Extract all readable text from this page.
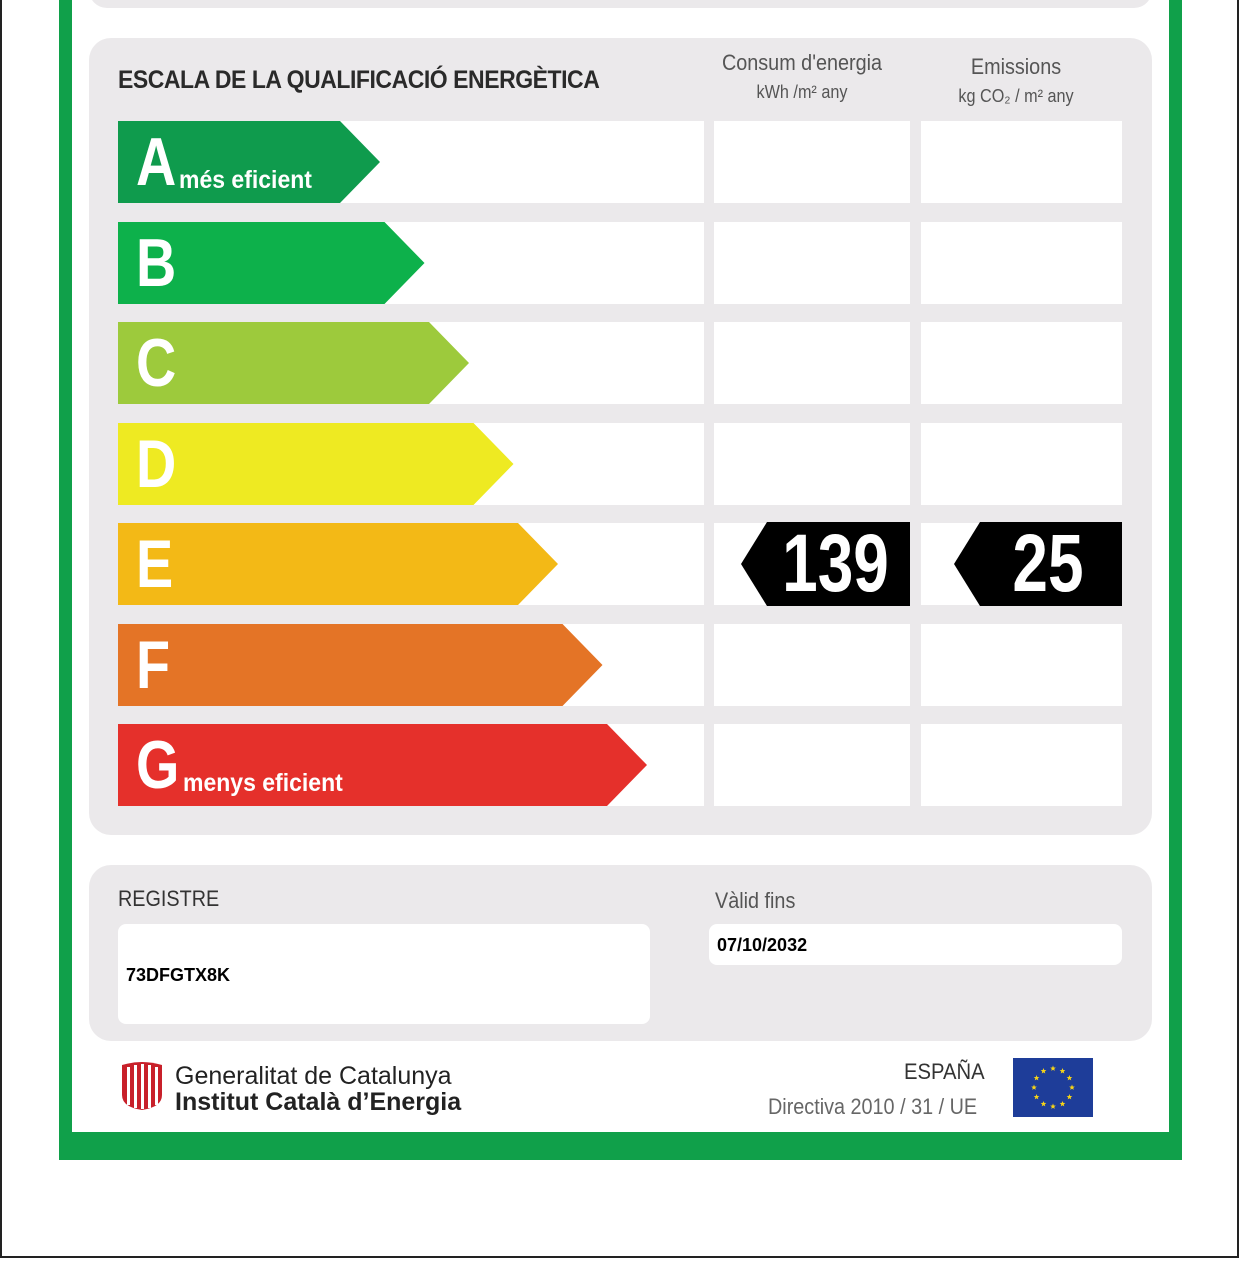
ESCALA DE LA QUALIFICACIÓ ENERGÈTICA
Consum d'energia
kWh /m² any
Emissions
kg CO₂ / m² any
A més eficient
B
C
D
E	139 25
F
G menys eficient
REGISTRE	Vàlid fins
73DFGTX8K
07/10/2032
Generalitat de Catalunya
Institut Català d’Energia
ESPAÑA
Directiva 2010 / 31 / UE
